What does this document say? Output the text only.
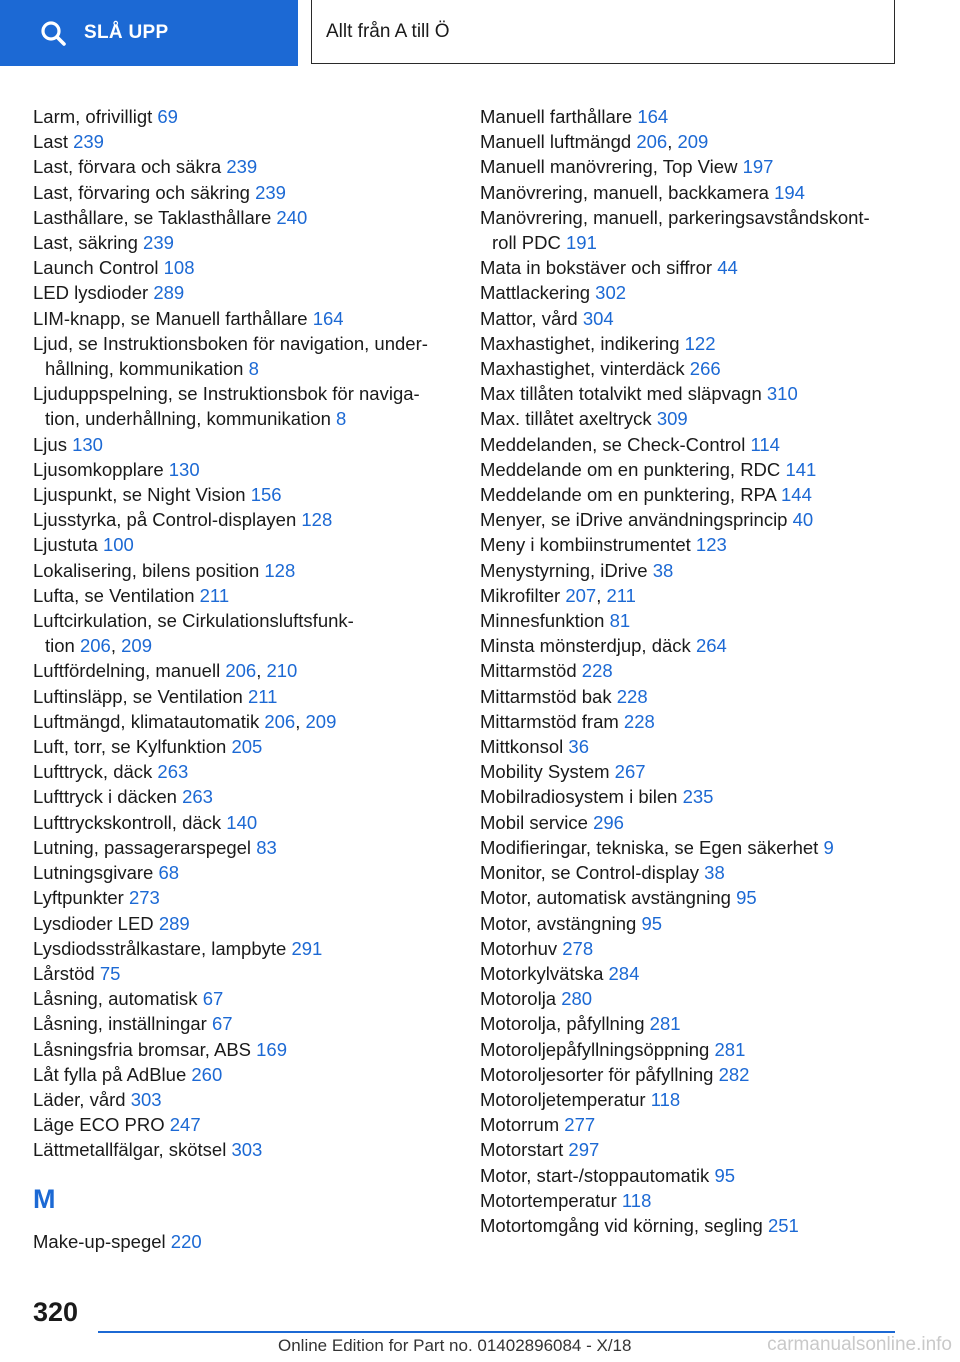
SLÅ UPP	Allt från A till Ö
Larm, ofrivilligt 69
Last 239
Last, förvara och säkra 239
Last, förvaring och säkring 239
Lasthållare, se Taklasthållare 240
Last, säkring 239
Launch Control 108
LED lysdioder 289
LIM-knapp, se Manuell farthållare 164
Ljud, se Instruktionsboken för navigation, under-
hållning, kommunikation 8
Ljuduppspelning, se Instruktionsbok för naviga-
tion, underhållning, kommunikation 8
Ljus 130
Ljusomkopplare 130
Ljuspunkt, se Night Vision 156
Ljusstyrka, på Control-displayen 128
Ljustuta 100
Lokalisering, bilens position 128
Lufta, se Ventilation 211
Luftcirkulation, se Cirkulationsluftsfunk-
tion 206, 209
Luftfördelning, manuell 206, 210
Luftinsläpp, se Ventilation 211
Luftmängd, klimatautomatik 206, 209
Luft, torr, se Kylfunktion 205
Lufttryck, däck 263
Lufttryck i däcken 263
Lufttryckskontroll, däck 140
Lutning, passagerarspegel 83
Lutningsgivare 68
Lyftpunkter 273
Lysdioder LED 289
Lysdiodsstrålkastare, lampbyte 291
Lårstöd 75
Låsning, automatisk 67
Låsning, inställningar 67
Låsningsfria bromsar, ABS 169
Låt fylla på AdBlue 260
Läder, vård 303
Läge ECO PRO 247
Lättmetallfälgar, skötsel 303
M
Make-up-spegel 220
Manuell farthållare 164
Manuell luftmängd 206, 209
Manuell manövrering, Top View 197
Manövrering, manuell, backkamera 194
Manövrering, manuell, parkeringsavståndskont-
roll PDC 191
Mata in bokstäver och siffror 44
Mattlackering 302
Mattor, vård 304
Maxhastighet, indikering 122
Maxhastighet, vinterdäck 266
Max tillåten totalvikt med släpvagn 310
Max. tillåtet axeltryck 309
Meddelanden, se Check-Control 114
Meddelande om en punktering, RDC 141
Meddelande om en punktering, RPA 144
Menyer, se iDrive användningsprincip 40
Meny i kombiinstrumentet 123
Menystyrning, iDrive 38
Mikrofilter 207, 211
Minnesfunktion 81
Minsta mönsterdjup, däck 264
Mittarmstöd 228
Mittarmstöd bak 228
Mittarmstöd fram 228
Mittkonsol 36
Mobility System 267
Mobilradiosystem i bilen 235
Mobil service 296
Modifieringar, tekniska, se Egen säkerhet 9
Monitor, se Control-display 38
Motor, automatisk avstängning 95
Motor, avstängning 95
Motorhuv 278
Motorkylvätska 284
Motorolja 280
Motorolja, påfyllning 281
Motoroljepåfyllningsöppning 281
Motoroljesorter för påfyllning 282
Motoroljetemperatur 118
Motorrum 277
Motorstart 297
Motor, start-/stoppautomatik 95
Motortemperatur 118
Motortomgång vid körning, segling 251
320
Online Edition for Part no. 01402896084 - X/18	carmanualsonline.info
